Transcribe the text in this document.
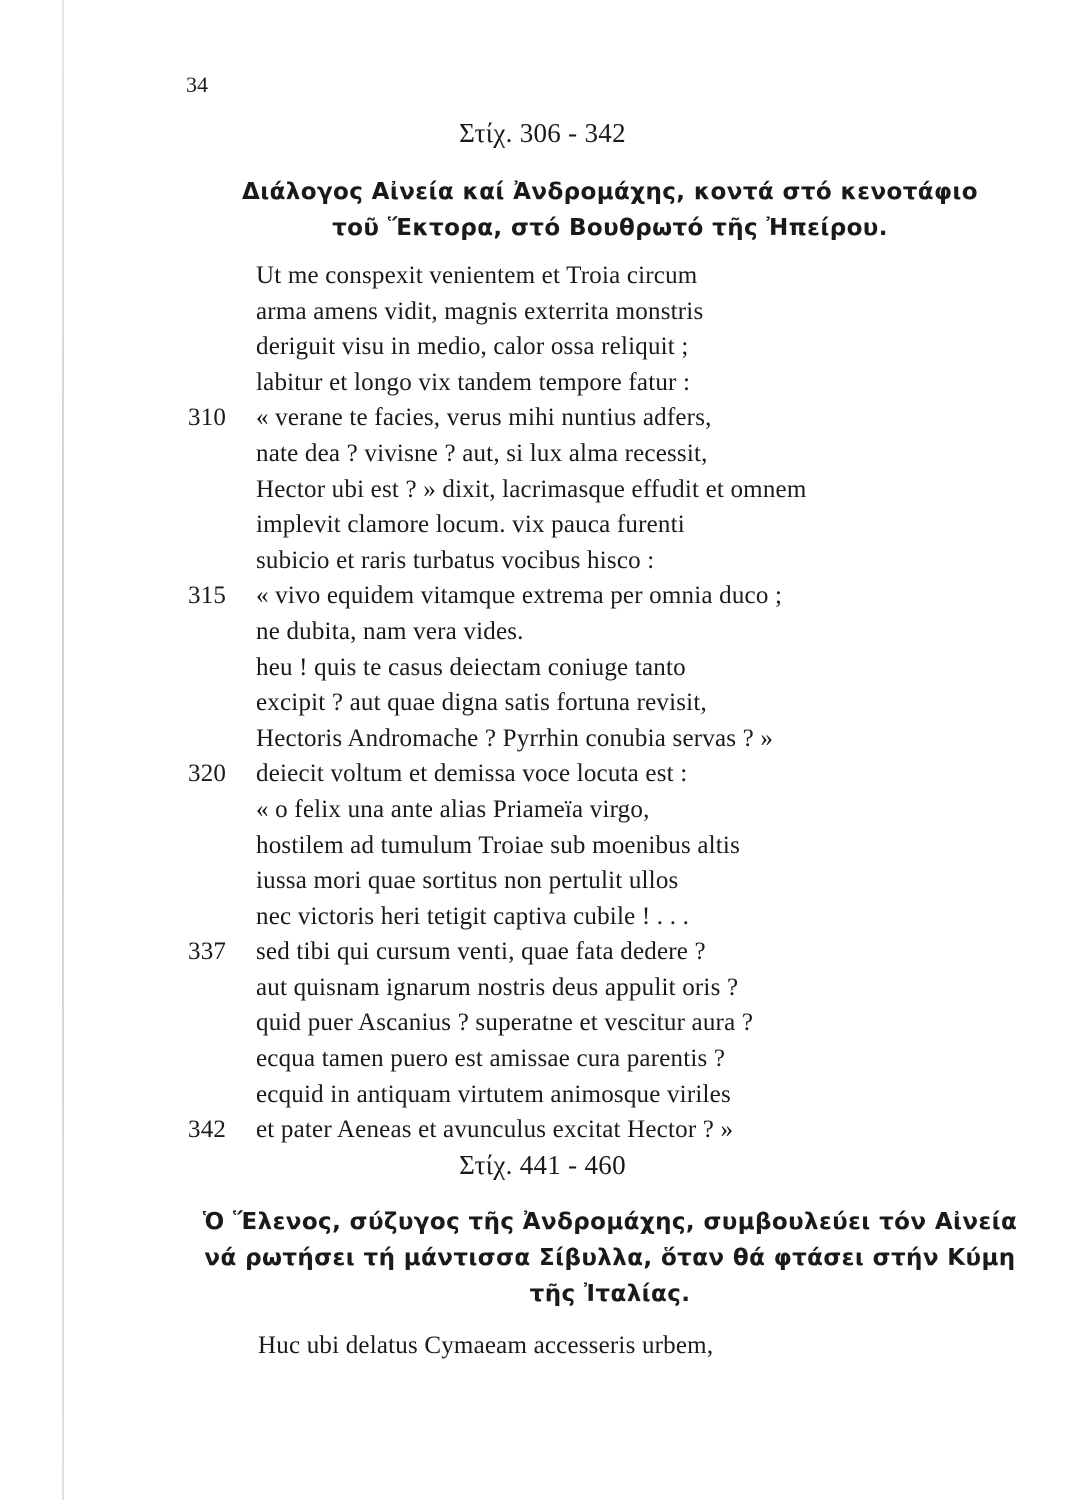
34
Στίχ. 306 - 342
Διάλογος Αἰνεία καί Ἀνδρομάχης, κοντά στό κενοτάφιο
τοῦ Ἕκτορα, στό Βουθρωτό τῆς Ἠπείρου.
Ut me conspexit venientem et Troia circum
arma amens vidit, magnis exterrita monstris
deriguit visu in medio, calor ossa reliquit ;
labitur et longo vix tandem tempore fatur :
310 « verane te facies, verus mihi nuntius adfers,
nate dea ? vivisne ? aut, si lux alma recessit,
Hector ubi est ? » dixit, lacrimasque effudit et omnem
implevit clamore locum. vix pauca furenti
subicio et raris turbatus vocibus hisco :
315 « vivo equidem vitamque extrema per omnia duco ;
ne dubita, nam vera vides.
heu ! quis te casus deiectam coniuge tanto
excipit ? aut quae digna satis fortuna revisit,
Hectoris Andromache ? Pyrrhin conubia servas ? »
320 deiecit voltum et demissa voce locuta est :
« o felix una ante alias Priameïa virgo,
hostilem ad tumulum Troiae sub moenibus altis
iussa mori quae sortitus non pertulit ullos
nec victoris heri tetigit captiva cubile ! . . .
337 sed tibi qui cursum venti, quae fata dedere ?
aut quisnam ignarum nostris deus appulit oris ?
quid puer Ascanius ? superatne et vescitur aura ?
ecqua tamen puero est amissae cura parentis ?
ecquid in antiquam virtutem animosque viriles
342 et pater Aeneas et avunculus excitat Hector ? »
Στίχ. 441 - 460
Ὁ Ἕλενος, σύζυγος τῆς Ἀνδρομάχης, συμβουλεύει τόν Αἰνεία
νά ρωτήσει τή μάντισσα Σίβυλλα, ὅταν θά φτάσει στήν Κύμη
τῆς Ἰταλίας.
Huc ubi delatus Cymaeam accesseris urbem,
